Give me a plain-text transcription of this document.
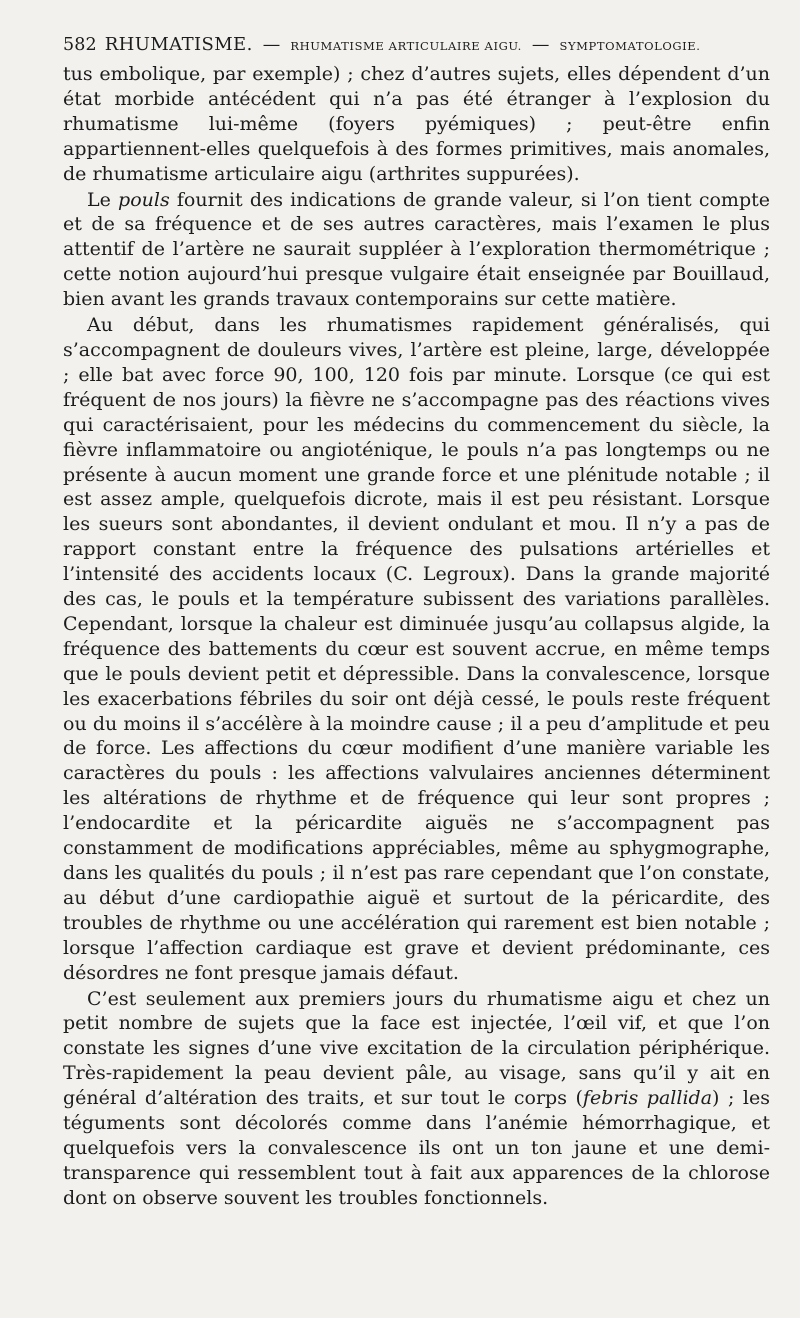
582 RHUMATISME. — RHUMATISME ARTICULAIRE AIGU. — SYMPTOMATOLOGIE.

tus embolique, par exemple) ; chez d’autres sujets, elles dépendent d’un état morbide antécédent qui n’a pas été étranger à l’explosion du rhumatisme lui-même (foyers pyémiques) ; peut-être enfin appartiennent-elles quelquefois à des formes primitives, mais anomales, de rhumatisme articulaire aigu (arthrites suppurées).

Le pouls fournit des indications de grande valeur, si l’on tient compte et de sa fréquence et de ses autres caractères, mais l’examen le plus attentif de l’artère ne saurait suppléer à l’exploration thermométrique ; cette notion aujourd’hui presque vulgaire était enseignée par Bouillaud, bien avant les grands travaux contemporains sur cette matière.

Au début, dans les rhumatismes rapidement généralisés, qui s’accompagnent de douleurs vives, l’artère est pleine, large, développée ; elle bat avec force 90, 100, 120 fois par minute. Lorsque (ce qui est fréquent de nos jours) la fièvre ne s’accompagne pas des réactions vives qui caractérisaient, pour les médecins du commencement du siècle, la fièvre inflammatoire ou angioténique, le pouls n’a pas longtemps ou ne présente à aucun moment une grande force et une plénitude notable ; il est assez ample, quelquefois dicrote, mais il est peu résistant. Lorsque les sueurs sont abondantes, il devient ondulant et mou. Il n’y a pas de rapport constant entre la fréquence des pulsations artérielles et l’intensité des accidents locaux (C. Legroux). Dans la grande majorité des cas, le pouls et la température subissent des variations parallèles. Cependant, lorsque la chaleur est diminuée jusqu’au collapsus algide, la fréquence des battements du cœur est souvent accrue, en même temps que le pouls devient petit et dépressible. Dans la convalescence, lorsque les exacerbations fébriles du soir ont déjà cessé, le pouls reste fréquent ou du moins il s’accélère à la moindre cause ; il a peu d’amplitude et peu de force. Les affections du cœur modifient d’une manière variable les caractères du pouls : les affections valvulaires anciennes déterminent les altérations de rhythme et de fréquence qui leur sont propres ; l’endocardite et la péricardite aiguës ne s’accompagnent pas constamment de modifications appréciables, même au sphygmographe, dans les qualités du pouls ; il n’est pas rare cependant que l’on constate, au début d’une cardiopathie aiguë et surtout de la péricardite, des troubles de rhythme ou une accélération qui rarement est bien notable ; lorsque l’affection cardiaque est grave et devient prédominante, ces désordres ne font presque jamais défaut.

C’est seulement aux premiers jours du rhumatisme aigu et chez un petit nombre de sujets que la face est injectée, l’œil vif, et que l’on constate les signes d’une vive excitation de la circulation périphérique. Très-rapidement la peau devient pâle, au visage, sans qu’il y ait en général d’altération des traits, et sur tout le corps (febris pallida) ; les téguments sont décolorés comme dans l’anémie hémorrhagique, et quelquefois vers la convalescence ils ont un ton jaune et une demi-transparence qui ressemblent tout à fait aux apparences de la chlorose dont on observe souvent les troubles fonctionnels.
